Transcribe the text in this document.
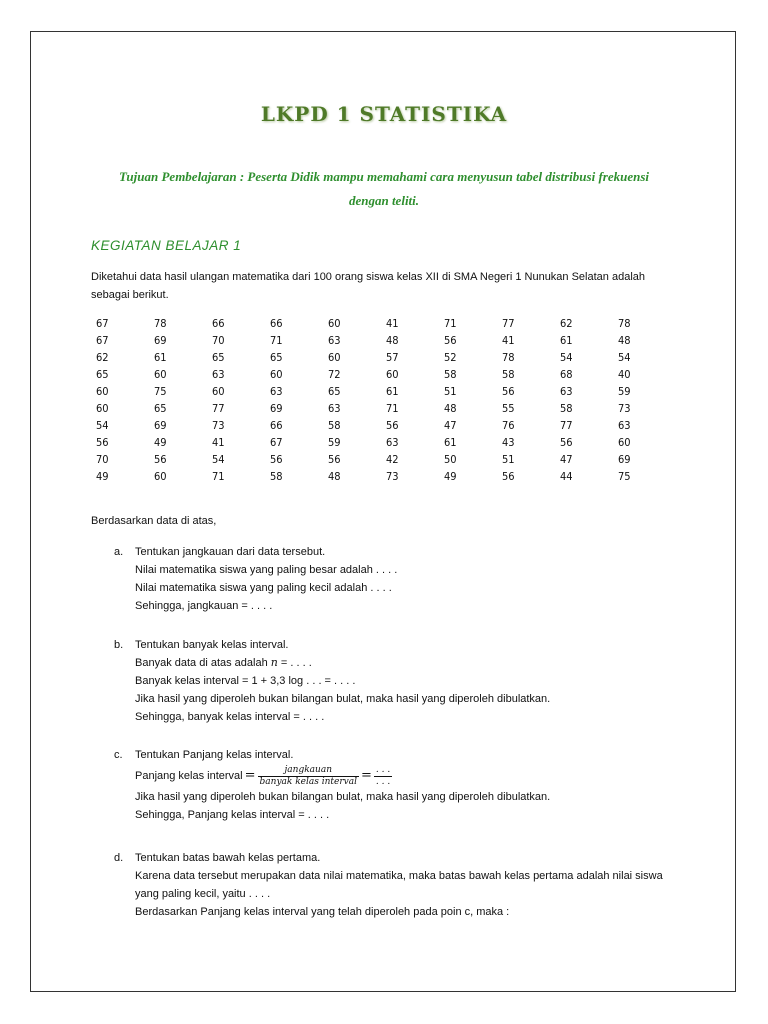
LKPD 1 STATISTIKA
Tujuan Pembelajaran : Peserta Didik mampu memahami cara menyusun tabel distribusi frekuensi
dengan teliti.
KEGIATAN BELAJAR 1
Diketahui data hasil ulangan matematika dari 100 orang siswa kelas XII di SMA Negeri 1 Nunukan Selatan adalah sebagai berikut.
67	78	66	66	60	41	71	77	62	78
67	69	70	71	63	48	56	41	61	48
62	61	65	65	60	57	52	78	54	54
65	60	63	60	72	60	58	58	68	40
60	75	60	63	65	61	51	56	63	59
60	65	77	69	63	71	48	55	58	73
54	69	73	66	58	56	47	76	77	63
56	49	41	67	59	63	61	43	56	60
70	56	54	56	56	42	50	51	47	69
49	60	71	58	48	73	49	56	44	75
Berdasarkan data di atas,
a. Tentukan jangkauan dari data tersebut.

Nilai matematika siswa yang paling besar adalah . . . .

Nilai matematika siswa yang paling kecil adalah . . . .

Sehingga, jangkauan = . . . .

b. Tentukan banyak kelas interval.

Banyak data di atas adalah n = . . . .

Banyak kelas interval = 1 + 3,3 log . . . = . . . .

Jika hasil yang diperoleh bukan bilangan bulat, maka hasil yang diperoleh dibulatkan.

Sehingga, banyak kelas interval = . . . .

c. Tentukan Panjang kelas interval.

Panjang kelas interval = $\frac{\text{jangkauan}}{\text{banyak kelas interval}} = \frac{. . .}{. . .}$

Jika hasil yang diperoleh bukan bilangan bulat, maka hasil yang diperoleh dibulatkan.

Sehingga, Panjang kelas interval = . . . .

d. Tentukan batas bawah kelas pertama.

Karena data tersebut merupakan data nilai matematika, maka batas bawah kelas pertama adalah nilai siswa yang paling kecil, yaitu . . . .

Berdasarkan Panjang kelas interval yang telah diperoleh pada poin c, maka :
